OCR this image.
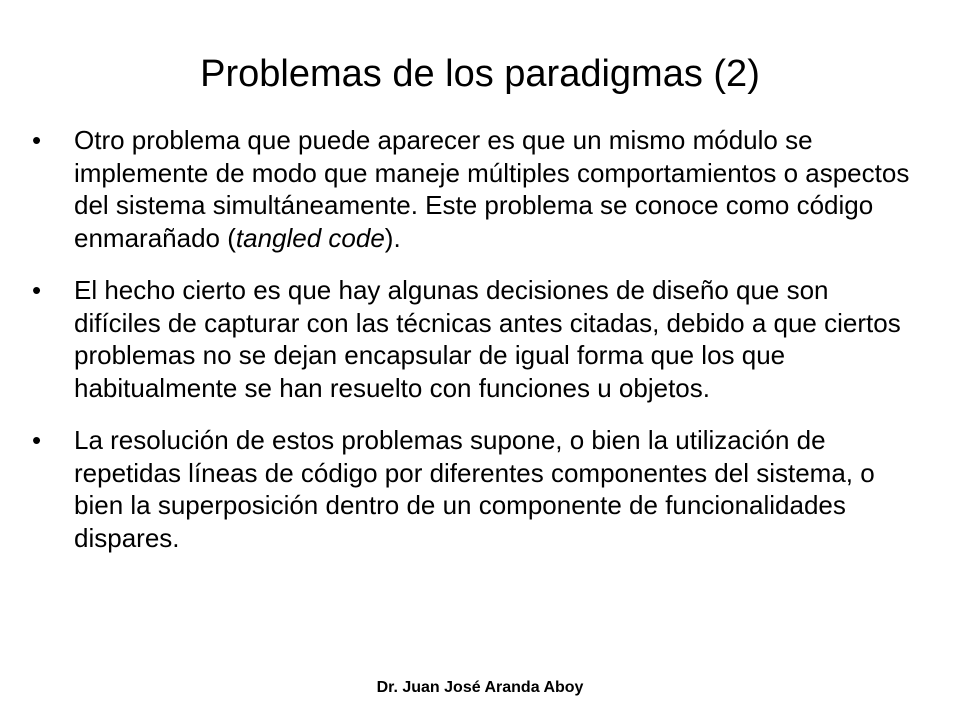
Problemas de los paradigmas (2)
•	Otro problema que puede aparecer es que un mismo módulo se implemente de modo que maneje múltiples comportamientos o aspectos del sistema simultáneamente. Este problema se conoce como código enmarañado (tangled code).
•	El hecho cierto es que hay algunas decisiones de diseño que son difíciles de capturar con las técnicas antes citadas, debido a que ciertos problemas no se dejan encapsular de igual forma que los que habitualmente se han resuelto con funciones u objetos.
•	La resolución de estos problemas supone, o bien la utilización de repetidas líneas de código por diferentes componentes del sistema, o bien la superposición dentro de un componente de funcionalidades dispares.
Dr. Juan José Aranda Aboy
